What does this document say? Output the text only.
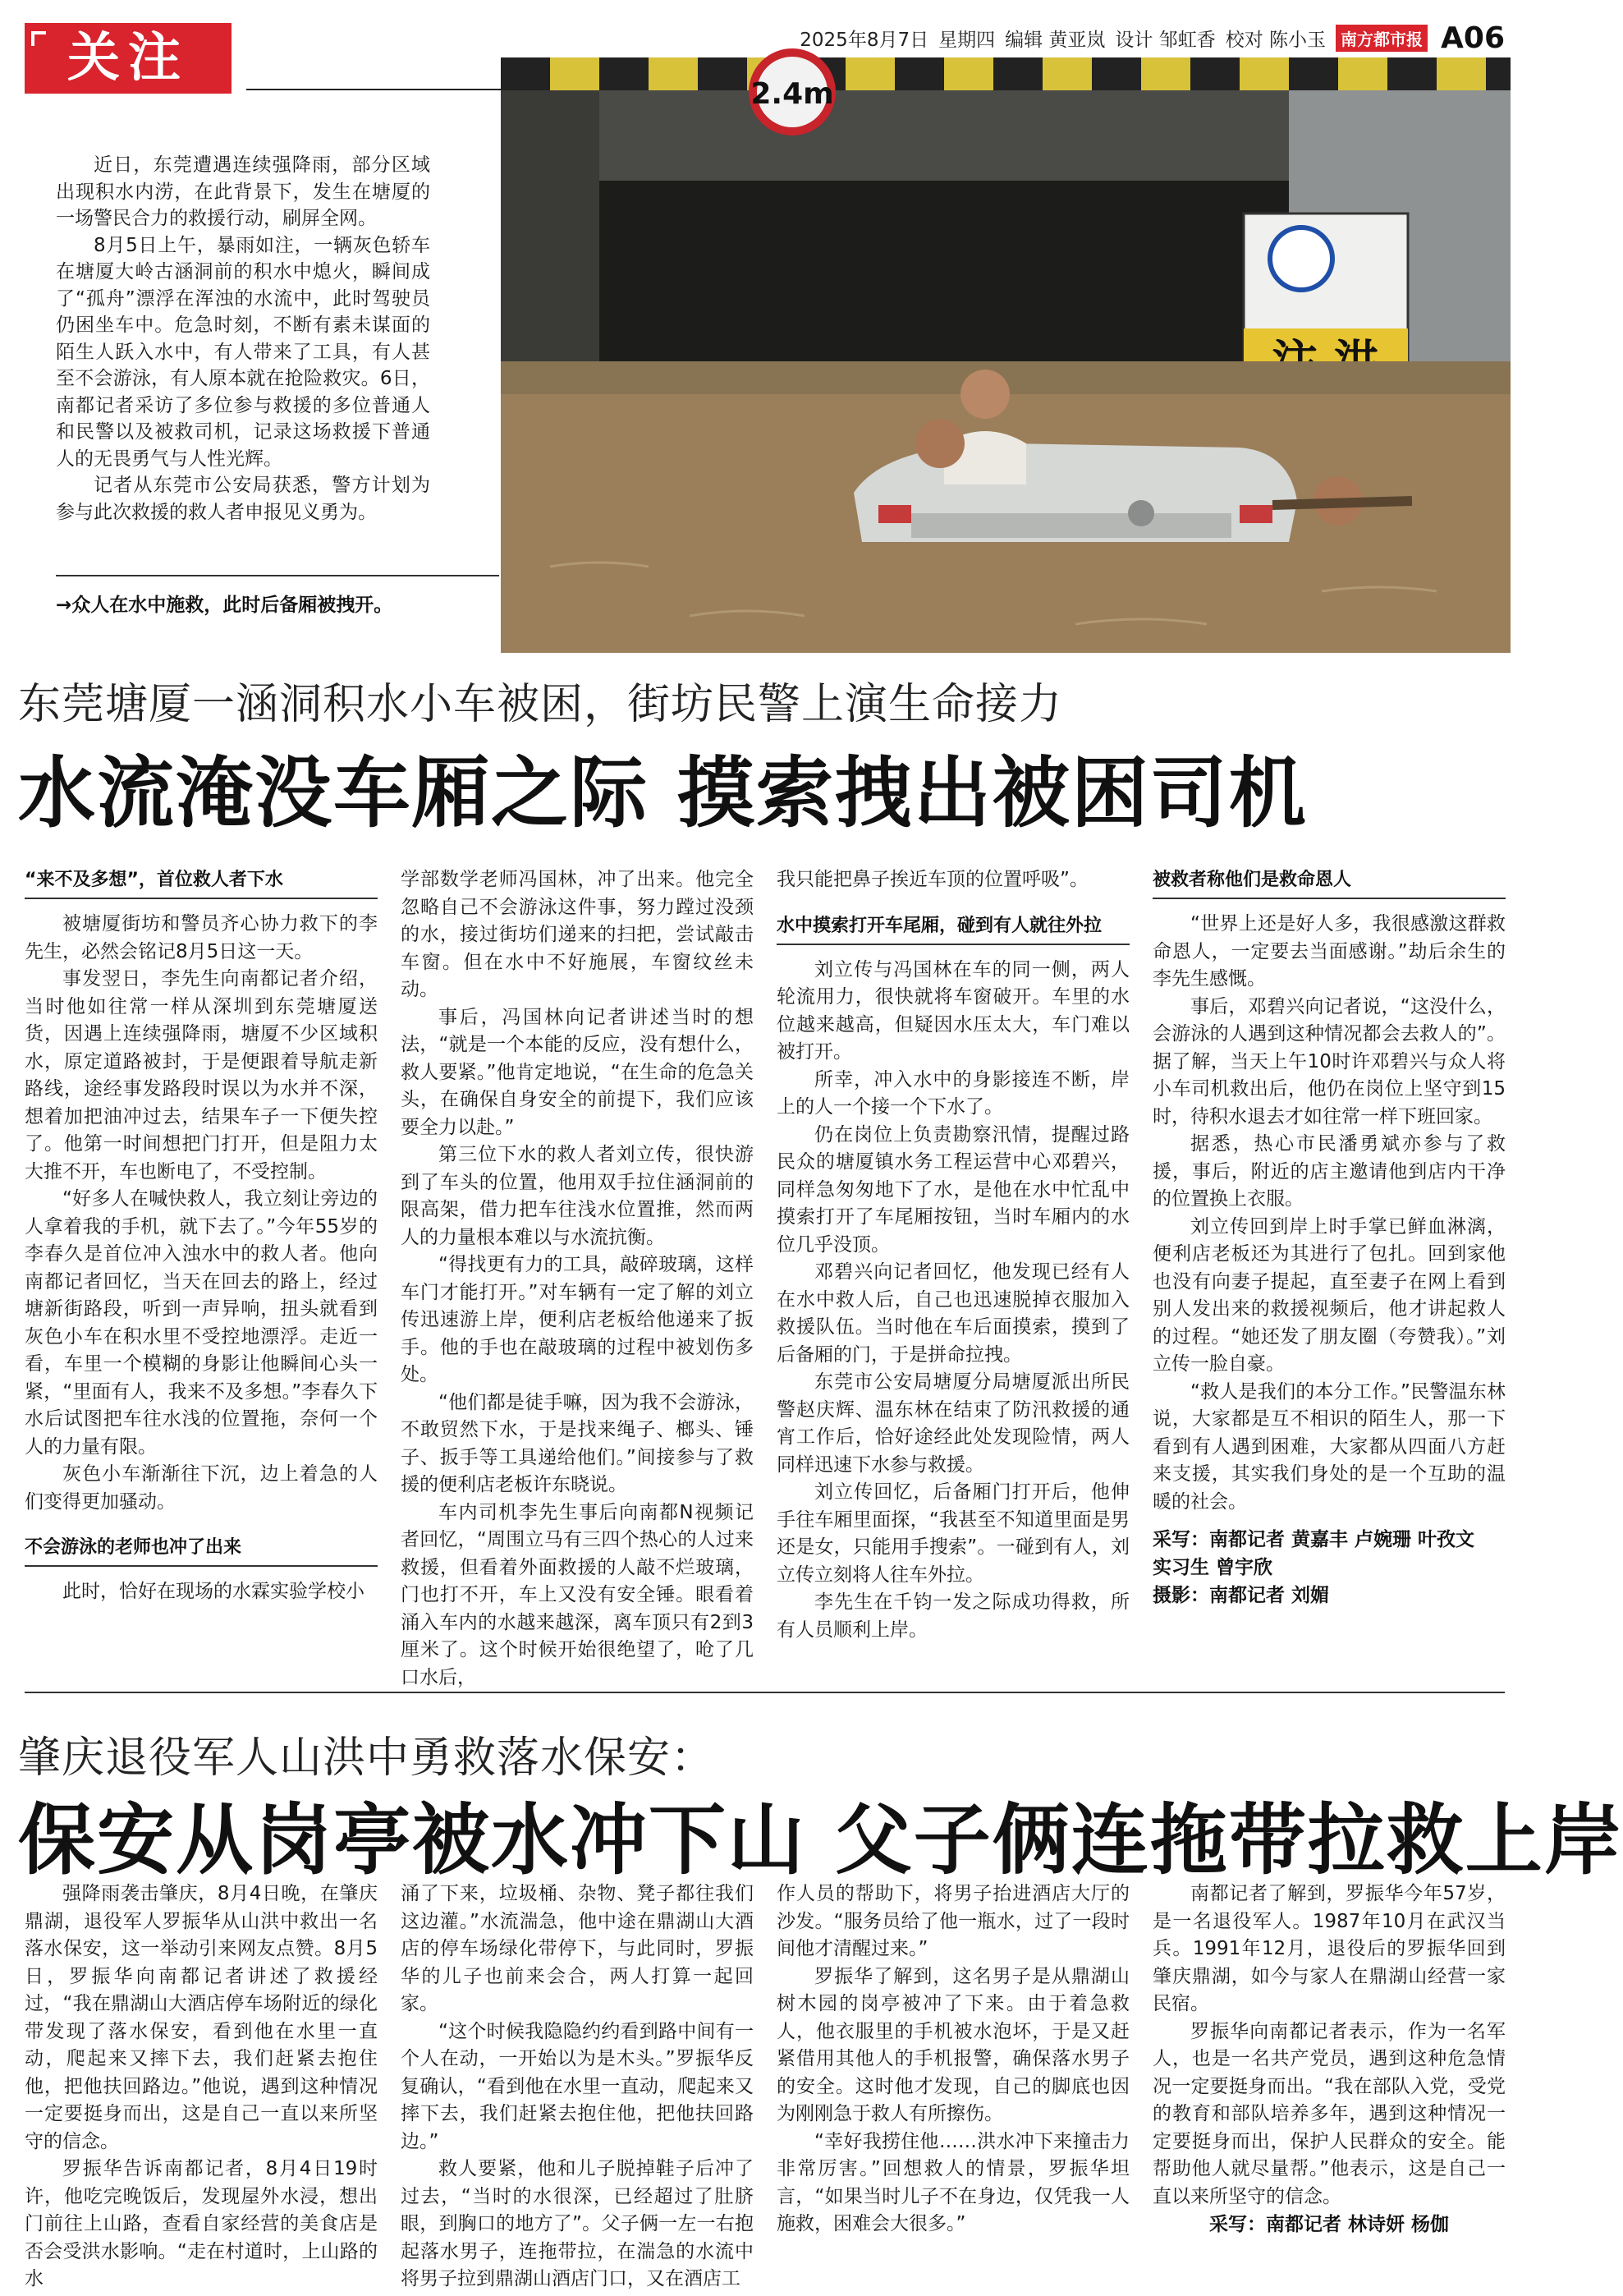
关注	2025年8月7日 星期四 编辑 黄亚岚 设计 邹虹香 校对 陈小玉 南方都市报 A06
2.4m

近日，东莞遭遇连续强降雨，部分区域出现积水内涝，在此背景下，发生在塘厦的一场警民合力的救援行动，刷屏全网。

8月5日上午，暴雨如注，一辆灰色轿车在塘厦大岭古涵洞前的积水中熄火，瞬间成了“孤舟”漂浮在浑浊的水流中，此时驾驶员仍困坐车中。危急时刻，不断有素未谋面的陌生人跃入水中，有人带来了工具，有人甚至不会游泳，有人原本就在抢险救灾。6日，南都记者采访了多位参与救援的多位普通人和民警以及被救司机，记录这场救援下普通人的无畏勇气与人性光辉。

记者从东莞市公安局获悉，警方计划为参与此次救援的救人者申报见义勇为。

→众人在水中施救，此时后备厢被拽开。
东莞塘厦一涵洞积水小车被困，街坊民警上演生命接力
水流淹没车厢之际 摸索拽出被困司机
“来不及多想”，首位救人者下水

被塘厦街坊和警员齐心协力救下的李先生，必然会铭记8月5日这一天。

事发翌日，李先生向南都记者介绍，当时他如往常一样从深圳到东莞塘厦送货，因遇上连续强降雨，塘厦不少区域积水，原定道路被封，于是便跟着导航走新路线，途经事发路段时误以为水并不深，想着加把油冲过去，结果车子一下便失控了。他第一时间想把门打开，但是阻力太大推不开，车也断电了，不受控制。

“好多人在喊快救人，我立刻让旁边的人拿着我的手机，就下去了。”今年55岁的李春久是首位冲入浊水中的救人者。他向南都记者回忆，当天在回去的路上，经过塘新街路段，听到一声异响，扭头就看到灰色小车在积水里不受控地漂浮。走近一看，车里一个模糊的身影让他瞬间心头一紧，“里面有人，我来不及多想。”李春久下水后试图把车往水浅的位置拖，奈何一个人的力量有限。

灰色小车渐渐往下沉，边上着急的人们变得更加骚动。

不会游泳的老师也冲了出来

此时，恰好在现场的水霖实验学校小

学部数学老师冯国林，冲了出来。他完全忽略自己不会游泳这件事，努力蹚过没颈的水，接过街坊们递来的扫把，尝试敲击车窗。但在水中不好施展，车窗纹丝未动。

事后，冯国林向记者讲述当时的想法，“就是一个本能的反应，没有想什么，救人要紧。”他肯定地说，“在生命的危急关头，在确保自身安全的前提下，我们应该要全力以赴。”

第三位下水的救人者刘立传，很快游到了车头的位置，他用双手拉住涵洞前的限高架，借力把车往浅水位置推，然而两人的力量根本难以与水流抗衡。

“得找更有力的工具，敲碎玻璃，这样车门才能打开。”对车辆有一定了解的刘立传迅速游上岸，便利店老板给他递来了扳手。他的手也在敲玻璃的过程中被划伤多处。

“他们都是徒手嘛，因为我不会游泳，不敢贸然下水，于是找来绳子、榔头、锤子、扳手等工具递给他们。”间接参与了救援的便利店老板许东晓说。

车内司机李先生事后向南都N视频记者回忆，“周围立马有三四个热心的人过来救援，但看着外面救援的人敲不烂玻璃，门也打不开，车上又没有安全锤。眼看着涌入车内的水越来越深，离车顶只有2到3厘米了。这个时候开始很绝望了，呛了几口水后，

我只能把鼻子挨近车顶的位置呼吸”。

水中摸索打开车尾厢，碰到有人就往外拉

刘立传与冯国林在车的同一侧，两人轮流用力，很快就将车窗破开。车里的水位越来越高，但疑因水压太大，车门难以被打开。

所幸，冲入水中的身影接连不断，岸上的人一个接一个下水了。

仍在岗位上负责勘察汛情，提醒过路民众的塘厦镇水务工程运营中心邓碧兴，同样急匆匆地下了水，是他在水中忙乱中摸索打开了车尾厢按钮，当时车厢内的水位几乎没顶。

邓碧兴向记者回忆，他发现已经有人在水中救人后，自己也迅速脱掉衣服加入救援队伍。当时他在车后面摸索，摸到了后备厢的门，于是拼命拉拽。

东莞市公安局塘厦分局塘厦派出所民警赵庆辉、温东林在结束了防汛救援的通宵工作后，恰好途经此处发现险情，两人同样迅速下水参与救援。

刘立传回忆，后备厢门打开后，他伸手往车厢里面探，“我甚至不知道里面是男还是女，只能用手搜索”。一碰到有人，刘立传立刻将人往车外拉。

李先生在千钧一发之际成功得救，所有人员顺利上岸。

被救者称他们是救命恩人

“世界上还是好人多，我很感激这群救命恩人，一定要去当面感谢。”劫后余生的李先生感慨。

事后，邓碧兴向记者说，“这没什么，会游泳的人遇到这种情况都会去救人的”。据了解，当天上午10时许邓碧兴与众人将小车司机救出后，他仍在岗位上坚守到15时，待积水退去才如往常一样下班回家。

据悉，热心市民潘勇斌亦参与了救援，事后，附近的店主邀请他到店内干净的位置换上衣服。

刘立传回到岸上时手掌已鲜血淋漓，便利店老板还为其进行了包扎。回到家他也没有向妻子提起，直至妻子在网上看到别人发出来的救援视频后，他才讲起救人的过程。“她还发了朋友圈（夸赞我）。”刘立传一脸自豪。

“救人是我们的本分工作。”民警温东林说，大家都是互不相识的陌生人，那一下看到有人遇到困难，大家都从四面八方赶来支援，其实我们身处的是一个互助的温暖的社会。

采写：南都记者 黄嘉丰 卢婉珊 叶孜文

实习生 曾宇欣

摄影：南都记者 刘媚

肇庆退役军人山洪中勇救落水保安：
保安从岗亭被水冲下山 父子俩连拖带拉救上岸

强降雨袭击肇庆，8月4日晚，在肇庆鼎湖，退役军人罗振华从山洪中救出一名落水保安，这一举动引来网友点赞。8月5日，罗振华向南都记者讲述了救援经过，“我在鼎湖山大酒店停车场附近的绿化带发现了落水保安，看到他在水里一直动，爬起来又摔下去，我们赶紧去抱住他，把他扶回路边。”他说，遇到这种情况一定要挺身而出，这是自己一直以来所坚守的信念。

罗振华告诉南都记者，8月4日19时许，他吃完晚饭后，发现屋外水浸，想出门前往上山路，查看自家经营的美食店是否会受洪水影响。“走在村道时，上山路的水

涌了下来，垃圾桶、杂物、凳子都往我们这边灌。”水流湍急，他中途在鼎湖山大酒店的停车场绿化带停下，与此同时，罗振华的儿子也前来会合，两人打算一起回家。

“这个时候我隐隐约约看到路中间有一个人在动，一开始以为是木头。”罗振华反复确认，“看到他在水里一直动，爬起来又摔下去，我们赶紧去抱住他，把他扶回路边。”

救人要紧，他和儿子脱掉鞋子后冲了过去，“当时的水很深，已经超过了肚脐眼，到胸口的地方了”。父子俩一左一右抱起落水男子，连拖带拉，在湍急的水流中将男子拉到鼎湖山酒店门口，又在酒店工

作人员的帮助下，将男子抬进酒店大厅的沙发。“服务员给了他一瓶水，过了一段时间他才清醒过来。”

罗振华了解到，这名男子是从鼎湖山树木园的岗亭被冲了下来。由于着急救人，他衣服里的手机被水泡坏，于是又赶紧借用其他人的手机报警，确保落水男子的安全。这时他才发现，自己的脚底也因为刚刚急于救人有所擦伤。

“幸好我捞住他……洪水冲下来撞击力非常厉害。”回想救人的情景，罗振华坦言，“如果当时儿子不在身边，仅凭我一人施救，困难会大很多。”

南都记者了解到，罗振华今年57岁，是一名退役军人。1987年10月在武汉当兵。1991年12月，退役后的罗振华回到肇庆鼎湖，如今与家人在鼎湖山经营一家民宿。

罗振华向南都记者表示，作为一名军人，也是一名共产党员，遇到这种危急情况一定要挺身而出。“我在部队入党，受党的教育和部队培养多年，遇到这种情况一定要挺身而出，保护人民群众的安全。能帮助他人就尽量帮。”他表示，这是自己一直以来所坚守的信念。

采写：南都记者 林诗妍 杨伽
